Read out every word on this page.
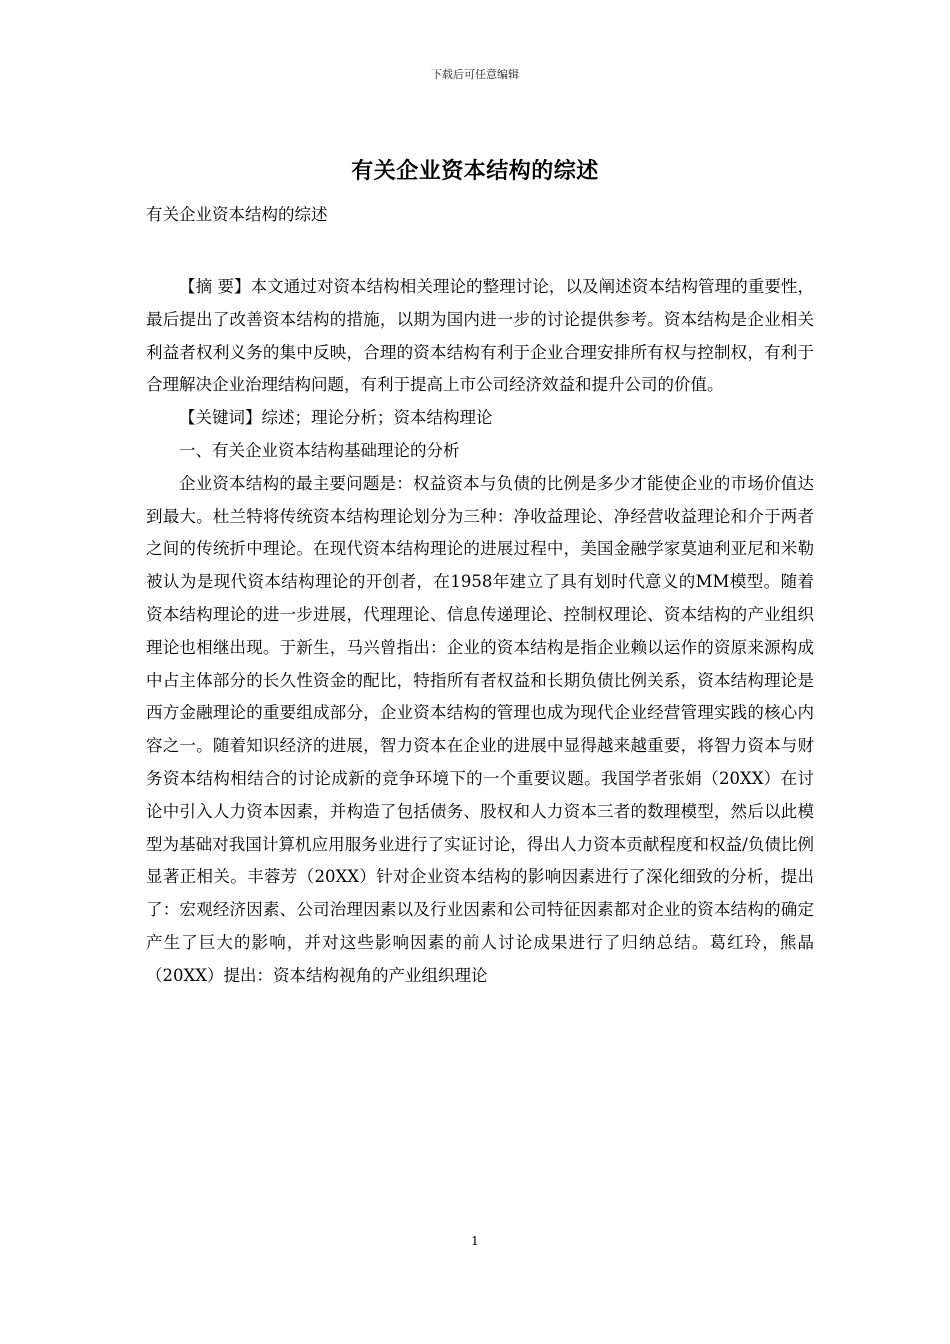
下载后可任意编辑
有关企业资本结构的综述
有关企业资本结构的综述

【摘 要】本文通过对资本结构相关理论的整理讨论，以及阐述资本结构管理的重要性，最后提出了改善资本结构的措施，以期为国内进一步的讨论提供参考。资本结构是企业相关利益者权利义务的集中反映，合理的资本结构有利于企业合理安排所有权与控制权，有利于合理解决企业治理结构问题，有利于提高上市公司经济效益和提升公司的价值。

【关键词】综述；理论分析；资本结构理论

一、有关企业资本结构基础理论的分析

企业资本结构的最主要问题是：权益资本与负债的比例是多少才能使企业的市场价值达到最大。杜兰特将传统资本结构理论划分为三种：净收益理论、净经营收益理论和介于两者之间的传统折中理论。在现代资本结构理论的进展过程中，美国金融学家莫迪利亚尼和米勒被认为是现代资本结构理论的开创者，在1958年建立了具有划时代意义的MM模型。随着资本结构理论的进一步进展，代理理论、信息传递理论、控制权理论、资本结构的产业组织理论也相继出现。于新生，马兴曾指出：企业的资本结构是指企业赖以运作的资原来源构成中占主体部分的长久性资金的配比，特指所有者权益和长期负债比例关系，资本结构理论是西方金融理论的重要组成部分，企业资本结构的管理也成为现代企业经营管理实践的核心内容之一。随着知识经济的进展，智力资本在企业的进展中显得越来越重要，将智力资本与财务资本结构相结合的讨论成新的竞争环境下的一个重要议题。我国学者张娟（20XX）在讨论中引入人力资本因素，并构造了包括债务、股权和人力资本三者的数理模型，然后以此模型为基础对我国计算机应用服务业进行了实证讨论，得出人力资本贡献程度和权益/负债比例显著正相关。丰蓉芳（20XX）针对企业资本结构的影响因素进行了深化细致的分析，提出了：宏观经济因素、公司治理因素以及行业因素和公司特征因素都对企业的资本结构的确定产生了巨大的影响，并对这些影响因素的前人讨论成果进行了归纳总结。葛红玲，熊晶（20XX）提出：资本结构视角的产业组织理论

1
